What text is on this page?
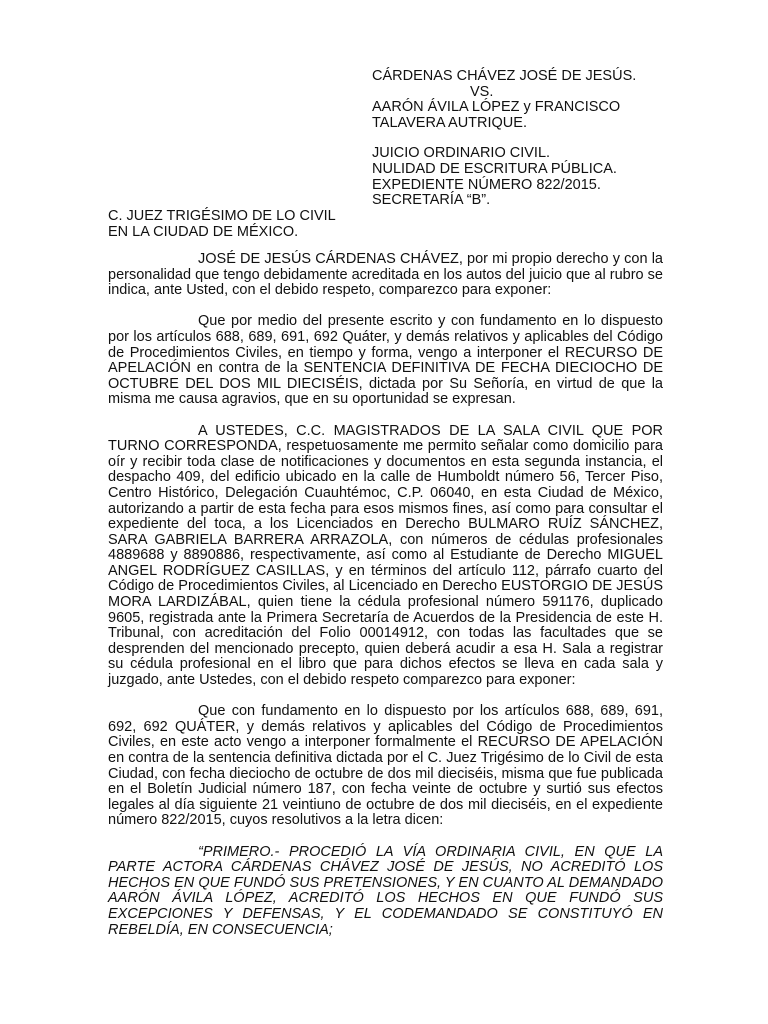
CÁRDENAS CHÁVEZ JOSÉ DE JESÚS.
VS.
AARÓN ÁVILA LÓPEZ y FRANCISCO
TALAVERA AUTRIQUE.
JUICIO ORDINARIO CIVIL.
NULIDAD DE ESCRITURA PÚBLICA.
EXPEDIENTE NÚMERO 822/2015.
SECRETARÍA “B”.
C. JUEZ TRIGÉSIMO DE LO CIVIL
EN LA CIUDAD DE MÉXICO.

JOSÉ DE JESÚS CÁRDENAS CHÁVEZ, por mi propio derecho y con la personalidad que tengo debidamente acreditada en los autos del juicio que al rubro se indica, ante Usted, con el debido respeto, comparezco para exponer:

Que por medio del presente escrito y con fundamento en lo dispuesto por los artículos 688, 689, 691, 692 Quáter, y demás relativos y aplicables del Código de Procedimientos Civiles, en tiempo y forma, vengo a interponer el RECURSO DE APELACIÓN en contra de la SENTENCIA DEFINITIVA DE FECHA DIECIOCHO DE OCTUBRE DEL DOS MIL DIECISÉIS, dictada por Su Señoría, en virtud de que la misma me causa agravios, que en su oportunidad se expresan.

A USTEDES, C.C. MAGISTRADOS DE LA SALA CIVIL QUE POR TURNO CORRESPONDA, respetuosamente me permito señalar como domicilio para oír y recibir toda clase de notificaciones y documentos en esta segunda instancia, el despacho 409, del edificio ubicado en la calle de Humboldt número 56, Tercer Piso, Centro Histórico, Delegación Cuauhtémoc, C.P. 06040, en esta Ciudad de México, autorizando a partir de esta fecha para esos mismos fines, así como para consultar el expediente del toca, a los Licenciados en Derecho BULMARO RUÍZ SÁNCHEZ, SARA GABRIELA BARRERA ARRAZOLA, con números de cédulas profesionales 4889688 y 8890886, respectivamente, así como al Estudiante de Derecho MIGUEL ANGEL RODRÍGUEZ CASILLAS, y en términos del artículo 112, párrafo cuarto del Código de Procedimientos Civiles, al Licenciado en Derecho EUSTORGIO DE JESÚS MORA LARDIZÁBAL, quien tiene la cédula profesional número 591176, duplicado 9605, registrada ante la Primera Secretaría de Acuerdos de la Presidencia de este H. Tribunal, con acreditación del Folio 00014912, con todas las facultades que se desprenden del mencionado precepto, quien deberá acudir a esa H. Sala a registrar su cédula profesional en el libro que para dichos efectos se lleva en cada sala y juzgado, ante Ustedes, con el debido respeto comparezco para exponer:

Que con fundamento en lo dispuesto por los artículos 688, 689, 691, 692, 692 QUÁTER, y demás relativos y aplicables del Código de Procedimientos Civiles, en este acto vengo a interponer formalmente el RECURSO DE APELACIÓN en contra de la sentencia definitiva dictada por el C. Juez Trigésimo de lo Civil de esta Ciudad, con fecha dieciocho de octubre de dos mil dieciséis, misma que fue publicada en el Boletín Judicial número 187, con fecha veinte de octubre y surtió sus efectos legales al día siguiente 21 veintiuno de octubre de dos mil dieciséis, en el expediente número 822/2015, cuyos resolutivos a la letra dicen:

“PRIMERO.- PROCEDIÓ LA VÍA ORDINARIA CIVIL, EN QUE LA PARTE ACTORA CÁRDENAS CHÁVEZ JOSÉ DE JESÚS, NO ACREDITÓ LOS HECHOS EN QUE FUNDÓ SUS PRETENSIONES, Y EN CUANTO AL DEMANDADO AARÓN ÁVILA LÓPEZ, ACREDITÓ LOS HECHOS EN QUE FUNDÓ SUS EXCEPCIONES Y DEFENSAS, Y EL CODEMANDADO SE CONSTITUYÓ EN REBELDÍA, EN CONSECUENCIA;
